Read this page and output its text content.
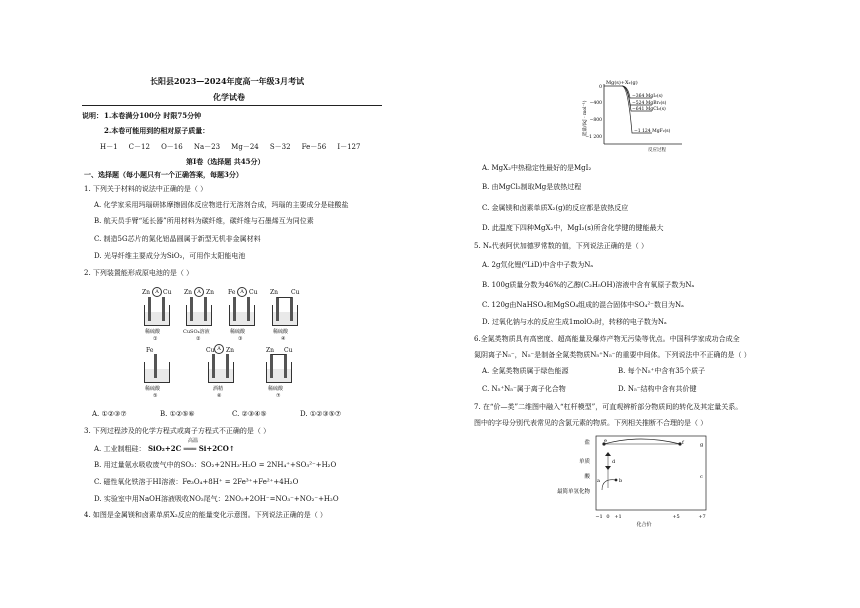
长阳县2023—2024年度高一年级3月考试
化学试卷
说明： 1.本卷满分100分 时限75分钟
2.本卷可能用到的相对原子质量：
H－1     C－12     O－16     Na－23     Mg－24     S－32     Fe－56     I－127
第Ⅰ卷（选择题 共45分）
一、选择题（每小题只有一个正确答案，每题3分）
1. 下列关于材料的说法中正确的是（ ）
A. 化学家采用玛瑙研钵摩擦固体反应物进行无溶剂合成，玛瑙的主要成分是硅酸盐
B. 航天员手臂“延长器”所用材料为碳纤维，碳纤维与石墨烯互为同位素
C. 制造5G芯片的氮化铝晶圆属于新型无机非金属材料
D. 光导纤维主要成分为SiO₂，可用作太阳能电池
2. 下列装置能形成原电池的是（ ）
Zn Cu
A
稀硫酸
①
Zn Zn
A
CuSO₄溶液
②
Fe Cu
A
稀硫酸
③
Zn Cu
稀硫酸
④
Fe
稀硫酸
⑤
Cu Zn
A
酒精
⑥
Zn Cu
稀硫酸
⑦
A. ①②③⑦	B. ①②⑤⑥	C. ②③④⑤	D. ①②③⑤⑦
3. 下列过程涉及的化学方程式或离子方程式不正确的是（ ）
A. 工业制粗硅： SiO₂+2C ═══ Si+2CO↑
高温
B. 用过量氨水吸收废气中的SO₂：SO₂+2NH₃·H₂O = 2NH₄⁺+SO₃²⁻+H₂O
C. 磁性氧化铁溶于HI溶液：Fe₃O₄+8H⁺ = 2Fe³⁺+Fe²⁺+4H₂O
D. 实验室中用NaOH溶液吸收NO₂尾气：2NO₂+2OH⁻=NO₃⁻+NO₂⁻+H₂O
4. 如图是金属镁和卤素单质X₂反应的能量变化示意图。下列说法正确的是（ ）
Mg(s)+X₂(g)
0
−400
−800
−1 200
−364 MgI₂(s)
−524 MgBr₂(s)
−641 MgCl₂(s)
−1 124 MgF₂(s)
反应过程
能量/(kJ · mol⁻¹)
A. MgX₂中热稳定性最好的是MgI₂
B. 由MgCl₂制取Mg是放热过程
C. 金属镁和卤素单质X₂(g)的反应都是放热反应
D. 此温度下四种MgX₂中，MgI₂(s)所含化学键的键能最大
5. Nₐ代表阿伏加德罗常数的值，下列说法正确的是（ ）
A. 2g氘化锂(⁶LiD)中含中子数为Nₐ
B. 100g质量分数为46%的乙醇(C₂H₅OH)溶液中含有氧原子数为Nₐ
C. 120g由NaHSO₄和MgSO₄组成的混合固体中SO₄²⁻数目为Nₐ
D. 过氧化钠与水的反应生成1molO₂时，转移的电子数为Nₐ
6.全氮类物质具有高密度、超高能量及爆炸产物无污染等优点。中国科学家成功合成全
氮阴离子N₅⁻，N₅⁻是制备全氮类物质N₅⁺N₅⁻的重要中间体。下列说法中不正确的是（ ）
A. 全氮类物质属于绿色能源	B. 每个N₅⁺中含有35个质子
C. N₅⁺N₅⁻属于离子化合物	D. N₅⁻结构中含有共价键
7. 在“价—类”二维图中融入“杠杆模型”，可直观辨析部分物质间的转化及其定量关系。
图中的字母分别代表常见的含氯元素的物质。下列相关推断不合理的是（ ）
盐
单质
酸
最简单氢化物
e	f
d
a	b
c
g
−1 0 +1	+5	+7
化合价
